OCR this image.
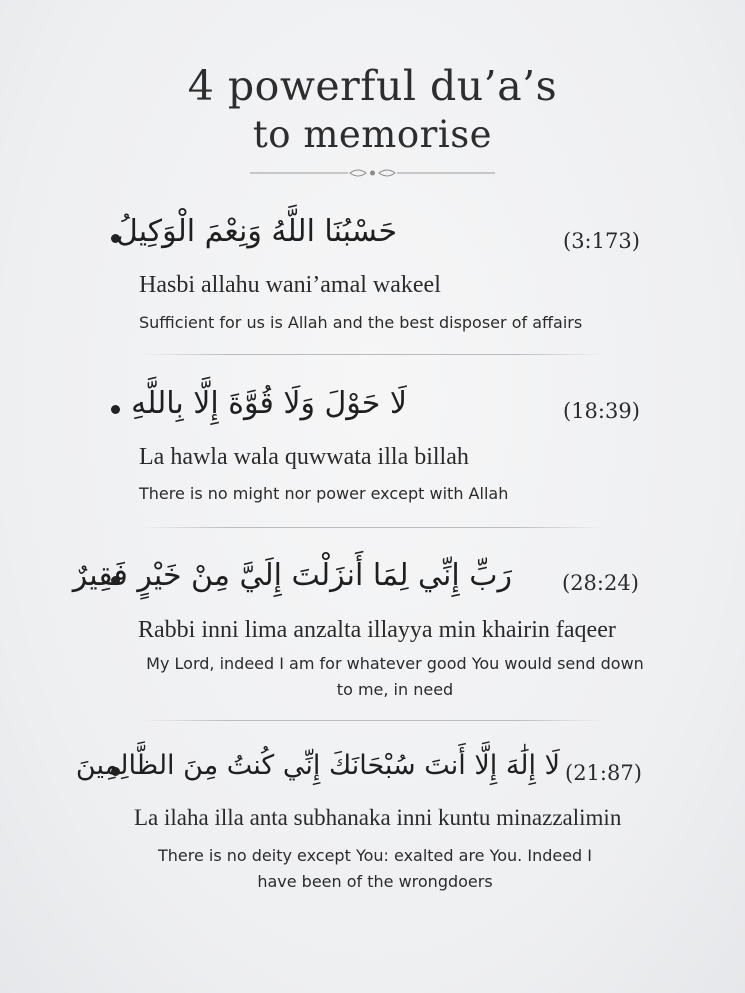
4 powerful du’a’s
to memorise
حَسْبُنَا اللَّهُ وَنِعْمَ الْوَكِيلُ	(3:173)
Hasbi allahu wani’amal wakeel
Sufficient for us is Allah and the best disposer of affairs
لَا حَوْلَ وَلَا قُوَّةَ إِلَّا بِاللَّهِ	(18:39)
La hawla wala quwwata illa billah
There is no might nor power except with Allah
رَبِّ إِنِّي لِمَا أَنزَلْتَ إِلَيَّ مِنْ خَيْرٍ فَقِيرٌ (28:24)
Rabbi inni lima anzalta illayya min khairin faqeer
My Lord, indeed I am for whatever good You would send down
to me, in need
لَا إِلَٰهَ إِلَّا أَنتَ سُبْحَانَكَ إِنِّي كُنتُ مِنَ الظَّالِمِينَ (21:87)
La ilaha illa anta subhanaka inni kuntu minazzalimin
There is no deity except You: exalted are You. Indeed I
have been of the wrongdoers
